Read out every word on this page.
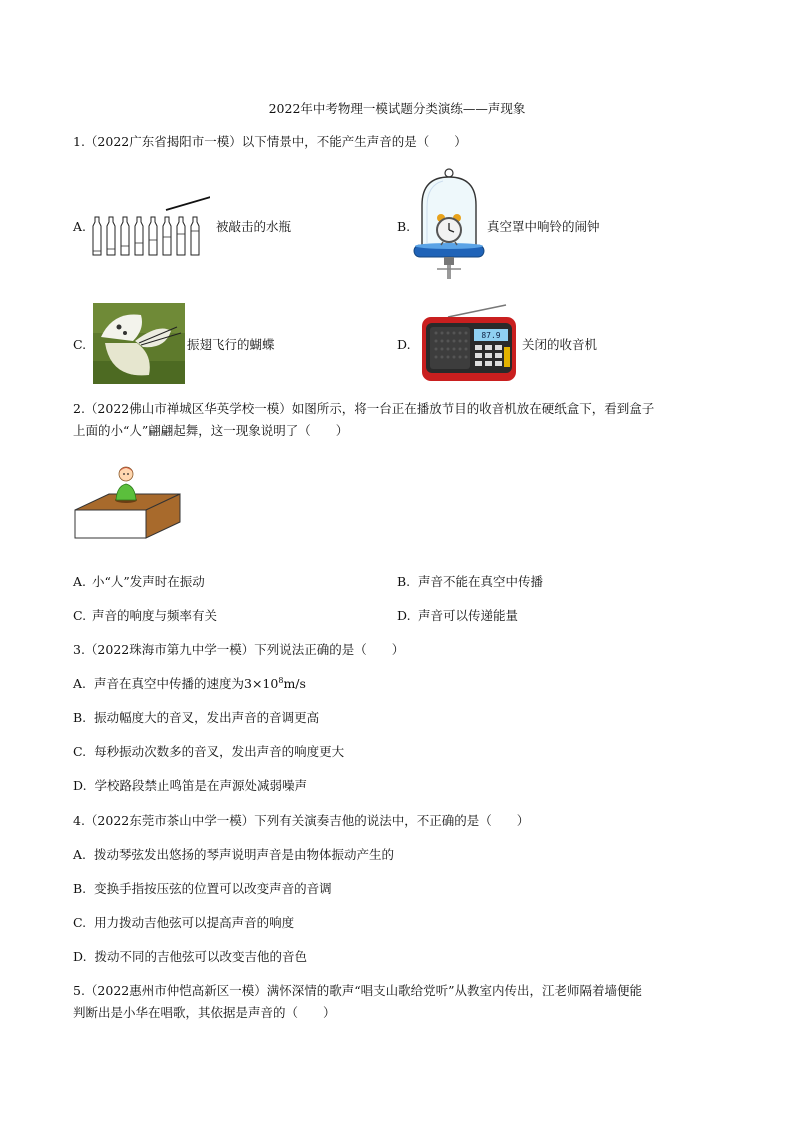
2022年中考物理一模试题分类演练——声现象
1.（2022广东省揭阳市一模）以下情景中，不能产生声音的是（　　）
A.	被敲击的水瓶	B.	真空罩中响铃的闹钟
C.	振翅飞行的蝴蝶	D.
87.9
关闭的收音机
2.（2022佛山市禅城区华英学校一模）如图所示，将一台正在播放节目的收音机放在硬纸盒下，看到盒子
上面的小“人”翩翩起舞，这一现象说明了（　　）
A. 小“人”发声时在振动	B. 声音不能在真空中传播
C. 声音的响度与频率有关	D. 声音可以传递能量
3.（2022珠海市第九中学一模）下列说法正确的是（　　）
A. 声音在真空中传播的速度为$3\times 10^8m/s$
B. 振动幅度大的音叉，发出声音的音调更高
C. 每秒振动次数多的音叉，发出声音的响度更大
D. 学校路段禁止鸣笛是在声源处减弱噪声
4.（2022东莞市茶山中学一模）下列有关演奏吉他的说法中，不正确的是（　　）
A. 拨动琴弦发出悠扬的琴声说明声音是由物体振动产生的
B. 变换手指按压弦的位置可以改变声音的音调
C. 用力拨动吉他弦可以提高声音的响度
D. 拨动不同的吉他弦可以改变吉他的音色
5.（2022惠州市仲恺高新区一模）满怀深情的歌声“唱支山歌给党听”从教室内传出，江老师隔着墙便能
判断出是小华在唱歌，其依据是声音的（　　）
